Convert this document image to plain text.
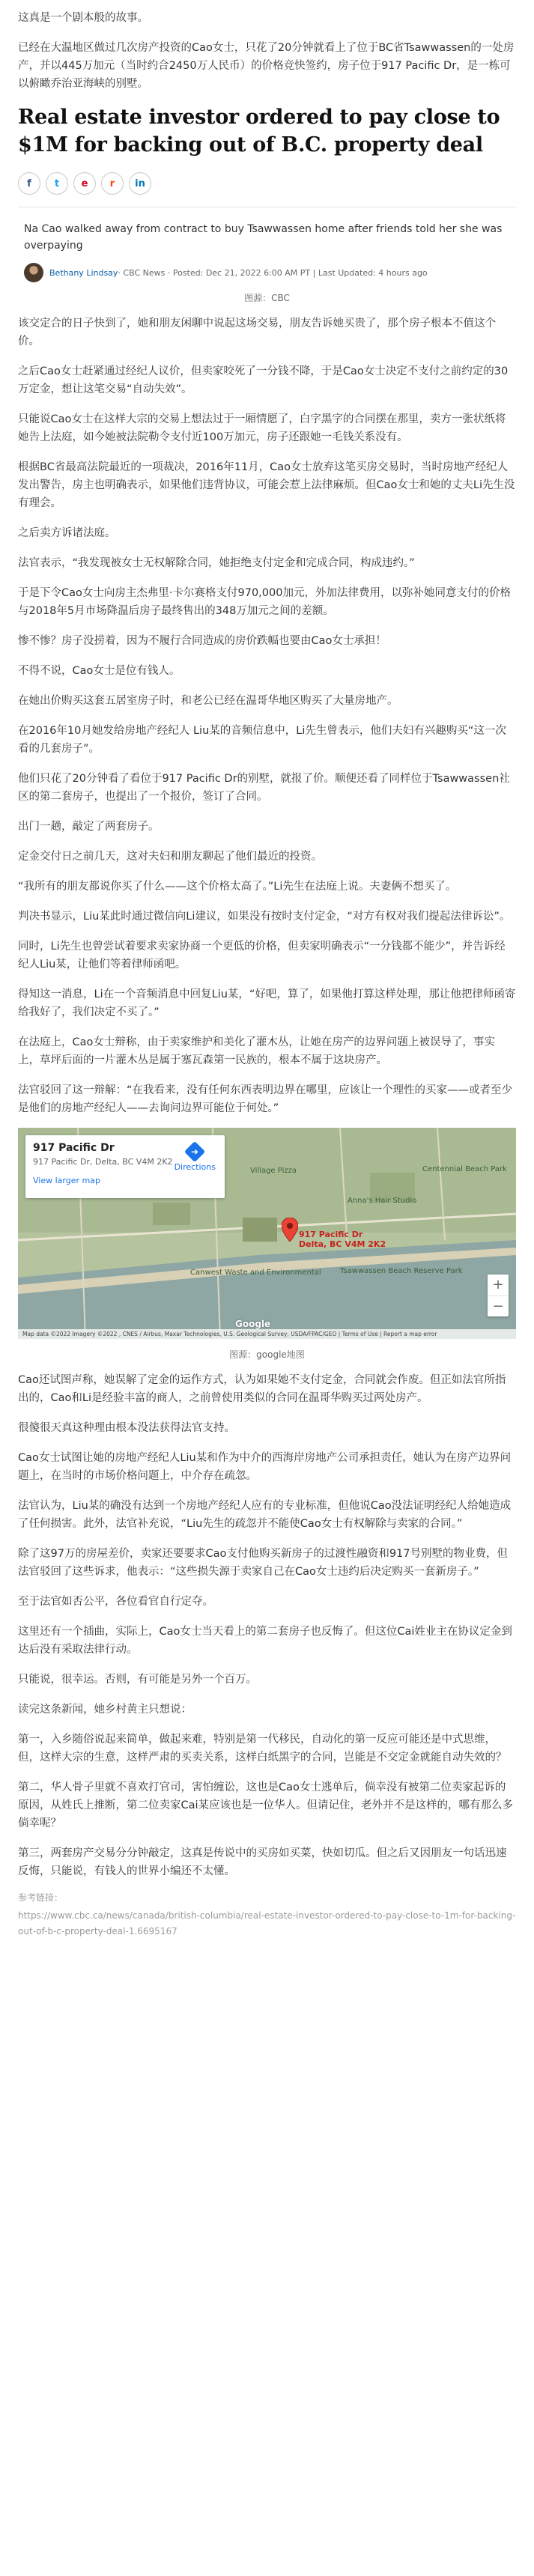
这真是一个剧本般的故事。

已经在大温地区做过几次房产投资的Cao女士，只花了20分钟就看上了位于BC省Tsawwassen的一处房产，并以445万加元（当时约合2450万人民币）的价格竞快签约，房子位于917 Pacific Dr，是一栋可以俯瞰乔治亚海峡的别墅。

Real estate investor ordered to pay close to $1M for backing out of B.C. property deal
f	t	e	r	in
Na Cao walked away from contract to buy Tsawwassen home after friends told her she was overpaying
Bethany Lindsay · CBC News · Posted: Dec 21, 2022 6:00 AM PT | Last Updated: 4 hours ago
图源：CBC

该交定合的日子快到了，她和朋友闲聊中说起这场交易，朋友告诉她买贵了，那个房子根本不值这个价。

之后Cao女士赶紧通过经纪人议价，但卖家咬死了一分钱不降，于是Cao女士决定不支付之前约定的30万定金，想让这笔交易“自动失效”。

只能说Cao女士在这样大宗的交易上想法过于一厢情愿了，白字黑字的合同摆在那里，卖方一张状纸将她告上法庭，如今她被法院勒令支付近100万加元，房子还跟她一毛钱关系没有。

根据BC省最高法院最近的一项裁决，2016年11月，Cao女士放弃这笔买房交易时，当时房地产经纪人发出警告，房主也明确表示，如果他们违背协议，可能会惹上法律麻烦。但Cao女士和她的丈夫Li先生没有理会。

之后卖方诉诸法庭。

法官表示，“我发现被女士无权解除合同，她拒绝支付定金和完成合同，构成违约。”

于是下令Cao女士向房主杰弗里·卡尔赛格支付970,000加元，外加法律费用，以弥补她同意支付的价格与2018年5月市场降温后房子最终售出的348万加元之间的差额。

惨不惨？房子没捞着，因为不履行合同造成的房价跌幅也要由Cao女士承担！

不得不说，Cao女士是位有钱人。

在她出价购买这套五居室房子时，和老公已经在温哥华地区购买了大量房地产。

在2016年10月她发给房地产经纪人 Liu某的音频信息中，Li先生曾表示，他们夫妇有兴趣购买“这一次看的几套房子”。

他们只花了20分钟看了看位于917 Pacific Dr的别墅，就报了价。顺便还看了同样位于Tsawwassen社区的第二套房子，也提出了一个报价，签订了合同。

出门一趟，敲定了两套房子。

定金交付日之前几天，这对夫妇和朋友聊起了他们最近的投资。

“我所有的朋友都说你买了什么——这个价格太高了。”Li先生在法庭上说。夫妻俩不想买了。

判决书显示，Liu某此时通过微信向Li建议，如果没有按时支付定金，“对方有权对我们提起法律诉讼”。

同时，Li先生也曾尝试着要求卖家协商一个更低的价格，但卖家明确表示“一分钱都不能少”，并告诉经纪人Liu某，让他们等着律师函吧。

得知这一消息，Li在一个音频消息中回复Liu某，“好吧，算了，如果他打算这样处理，那让他把律师函寄给我好了，我们决定不买了。”

在法庭上，Cao女士辩称，由于卖家维护和美化了灌木丛，让她在房产的边界问题上被误导了，事实上，草坪后面的一片灌木丛是属于塞瓦森第一民族的，根本不属于这块房产。

法官驳回了这一辩解：“在我看来，没有任何东西表明边界在哪里，应该让一个理性的买家——或者至少是他们的房地产经纪人——去询问边界可能位于何处。”

917 Pacific Dr
917 Pacific Dr, Delta, BC V4M 2K2
View larger map
➜
Directions
917 Pacific Dr
Delta, BC V4M 2K2
Village Pizza
Anna's Hair Studio
Centennial Beach Park
Canwest Waste and Environmental	Tsawwassen Beach Reserve Park
+
−
Google
Map data ©2022 Imagery ©2022 , CNES / Airbus, Maxar Technologies, U.S. Geological Survey, USDA/FPAC/GEO | Terms of Use | Report a map error
图源：google地图

Cao还试图声称，她误解了定金的运作方式，认为如果她不支付定金，合同就会作废。但正如法官所指出的，Cao和Li是经验丰富的商人，之前曾使用类似的合同在温哥华购买过两处房产。

很傻很天真这种理由根本没法获得法官支持。

Cao女士试图让她的房地产经纪人Liu某和作为中介的西海岸房地产公司承担责任，她认为在房产边界问题上，在当时的市场价格问题上，中介存在疏忽。

法官认为，Liu某的确没有达到一个房地产经纪人应有的专业标准，但他说Cao没法证明经纪人给她造成了任何损害。此外，法官补充说，“Liu先生的疏忽并不能使Cao女士有权解除与卖家的合同。”

除了这97万的房屋差价，卖家还要要求Cao支付他购买新房子的过渡性融资和917号别墅的物业费，但法官驳回了这些诉求，他表示：“这些损失源于卖家自己在Cao女士违约后决定购买一套新房子。”

至于法官如否公平，各位看官自行定夺。

这里还有一个插曲，实际上，Cao女士当天看上的第二套房子也反悔了。但这位Cai姓业主在协议定金到达后没有采取法律行动。

只能说，很幸运。否则，有可能是另外一个百万。

读完这条新闻，她乡村黄主只想说：

第一，入乡随俗说起来简单，做起来难，特别是第一代移民，自动化的第一反应可能还是中式思维，但，这样大宗的生意，这样严肃的买卖关系，这样白纸黑字的合同，岂能是不交定金就能自动失效的？

第二，华人骨子里就不喜欢打官司，害怕缠讼，这也是Cao女士逃单后，倘幸没有被第二位卖家起诉的原因，从姓氏上推断，第二位卖家Cai某应该也是一位华人。但请记住，老外并不是这样的，哪有那么多倘幸呢？

第三，两套房产交易分分钟敲定，这真是传说中的买房如买菜，快如切瓜。但之后又因朋友一句话迅速反悔，只能说，有钱人的世界小编还不太懂。

参考链接：
https://www.cbc.ca/news/canada/british-columbia/real-estate-investor-ordered-to-pay-close-to-1m-for-backing-out-of-b-c-property-deal-1.6695167
